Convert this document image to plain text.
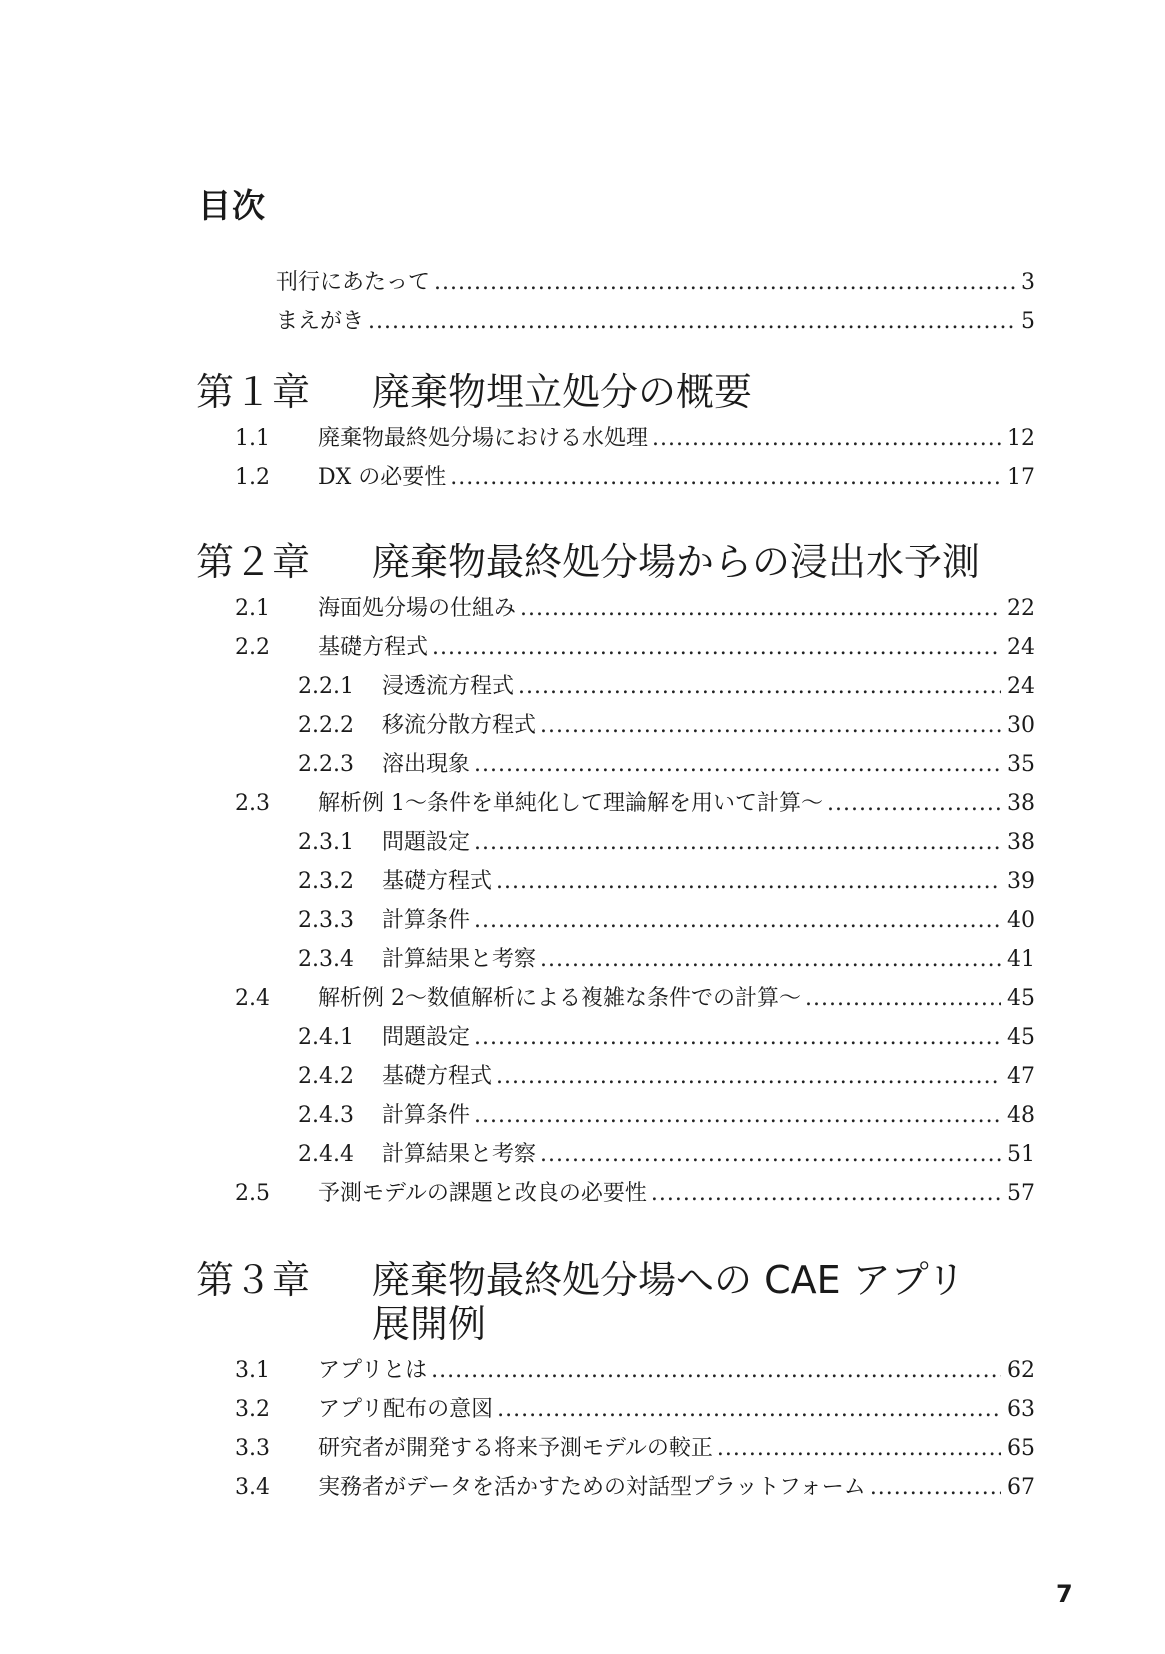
目次
刊行にあたって .....	3
まえがき .....	5
第１章 廃棄物埋立処分の概要
1.1 廃棄物最終処分場における水処理 .....	12
1.2 DX の必要性 .....	17
第２章 廃棄物最終処分場からの浸出水予測
2.1 海面処分場の仕組み .....	22
2.2 基礎方程式 .....	24
2.2.1 浸透流方程式 .....	24
2.2.2 移流分散方程式 .....	30
2.2.3 溶出現象 .....	35
2.3 解析例 1～条件を単純化して理論解を用いて計算～ .....	38
2.3.1 問題設定 .....	38
2.3.2 基礎方程式 .....	39
2.3.3 計算条件 .....	40
2.3.4 計算結果と考察 .....	41
2.4 解析例 2～数値解析による複雑な条件での計算～ .....	45
2.4.1 問題設定 .....	45
2.4.2 基礎方程式 .....	47
2.4.3 計算条件 .....	48
2.4.4 計算結果と考察 .....	51
2.5 予測モデルの課題と改良の必要性 .....	57
第３章 廃棄物最終処分場への CAE アプリ展開例
3.1 アプリとは .....	62
3.2 アプリ配布の意図 .....	63
3.3 研究者が開発する将来予測モデルの較正 .....	65
3.4 実務者がデータを活かすための対話型プラットフォーム .....	67
7
